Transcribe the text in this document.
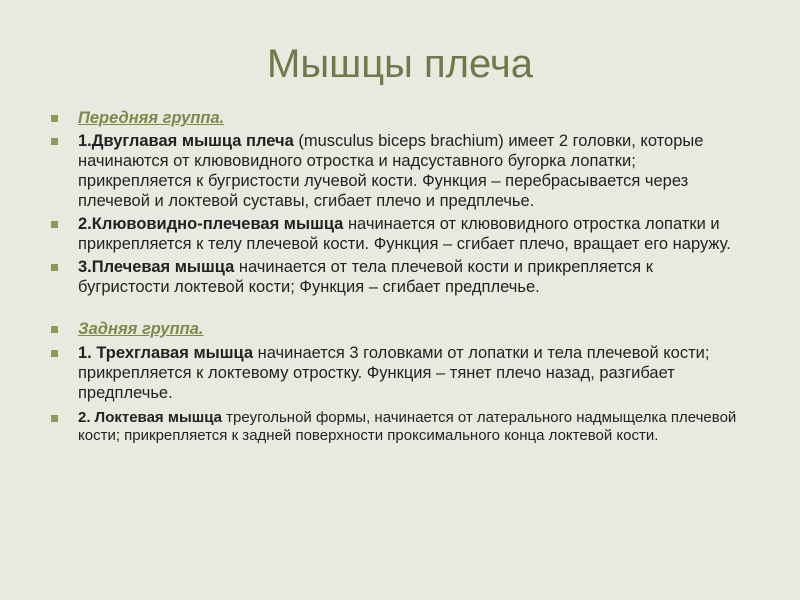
Мышцы плеча
Передняя группа.
1.Двуглавая мышца плеча (musculus biceps brachium) имеет 2 головки, которые начинаются от клювовидного отростка и надсуставного бугорка лопатки; прикрепляется к бугристости лучевой кости. Функция – перебрасывается через плечевой и локтевой суставы, сгибает плечо и предплечье.
2.Клювовидно-плечевая мышца начинается от клювовидного отростка лопатки и прикрепляется к телу плечевой кости. Функция – сгибает плечо, вращает его наружу.
3.Плечевая мышца начинается от тела плечевой кости и прикрепляется к бугристости локтевой кости; Функция – сгибает предплечье.
Задняя группа.
1. Трехглавая мышца начинается 3 головками от лопатки и тела плечевой кости; прикрепляется к локтевому отростку. Функция – тянет плечо назад, разгибает предплечье.
2. Локтевая мышца треугольной формы, начинается от латерального надмыщелка плечевой кости; прикрепляется к задней поверхности проксимального конца локтевой кости.
